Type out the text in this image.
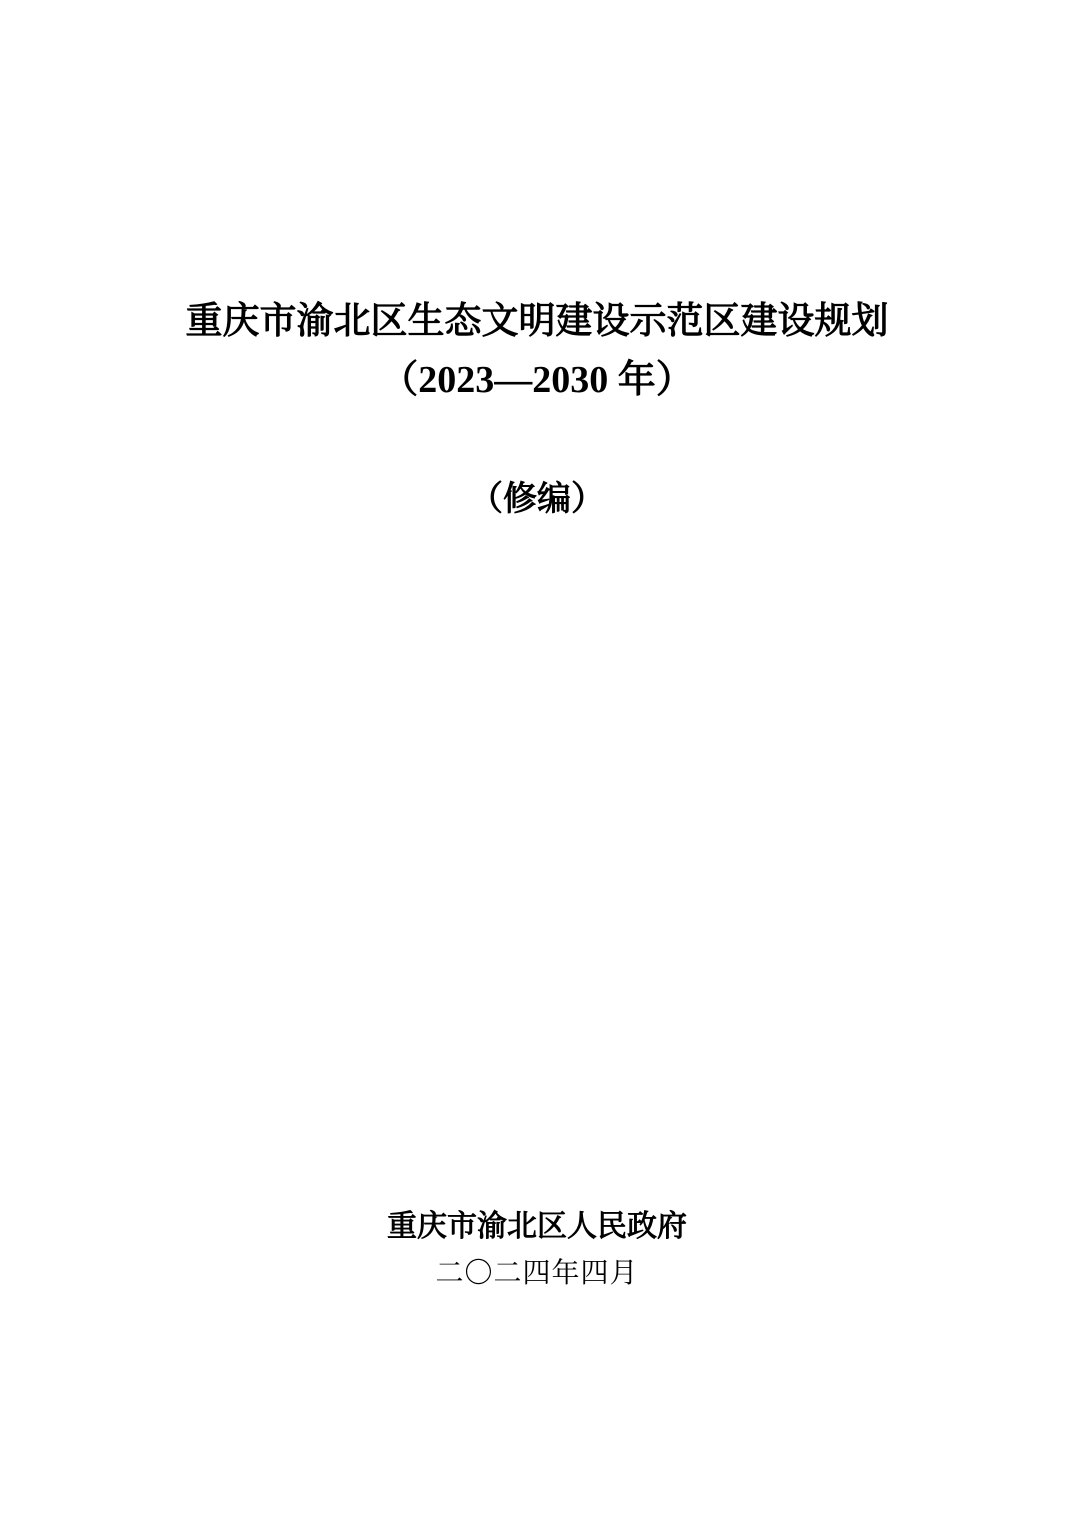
重庆市渝北区生态文明建设示范区建设规划
（2023—2030 年）
（修编）
重庆市渝北区人民政府
二〇二四年四月
